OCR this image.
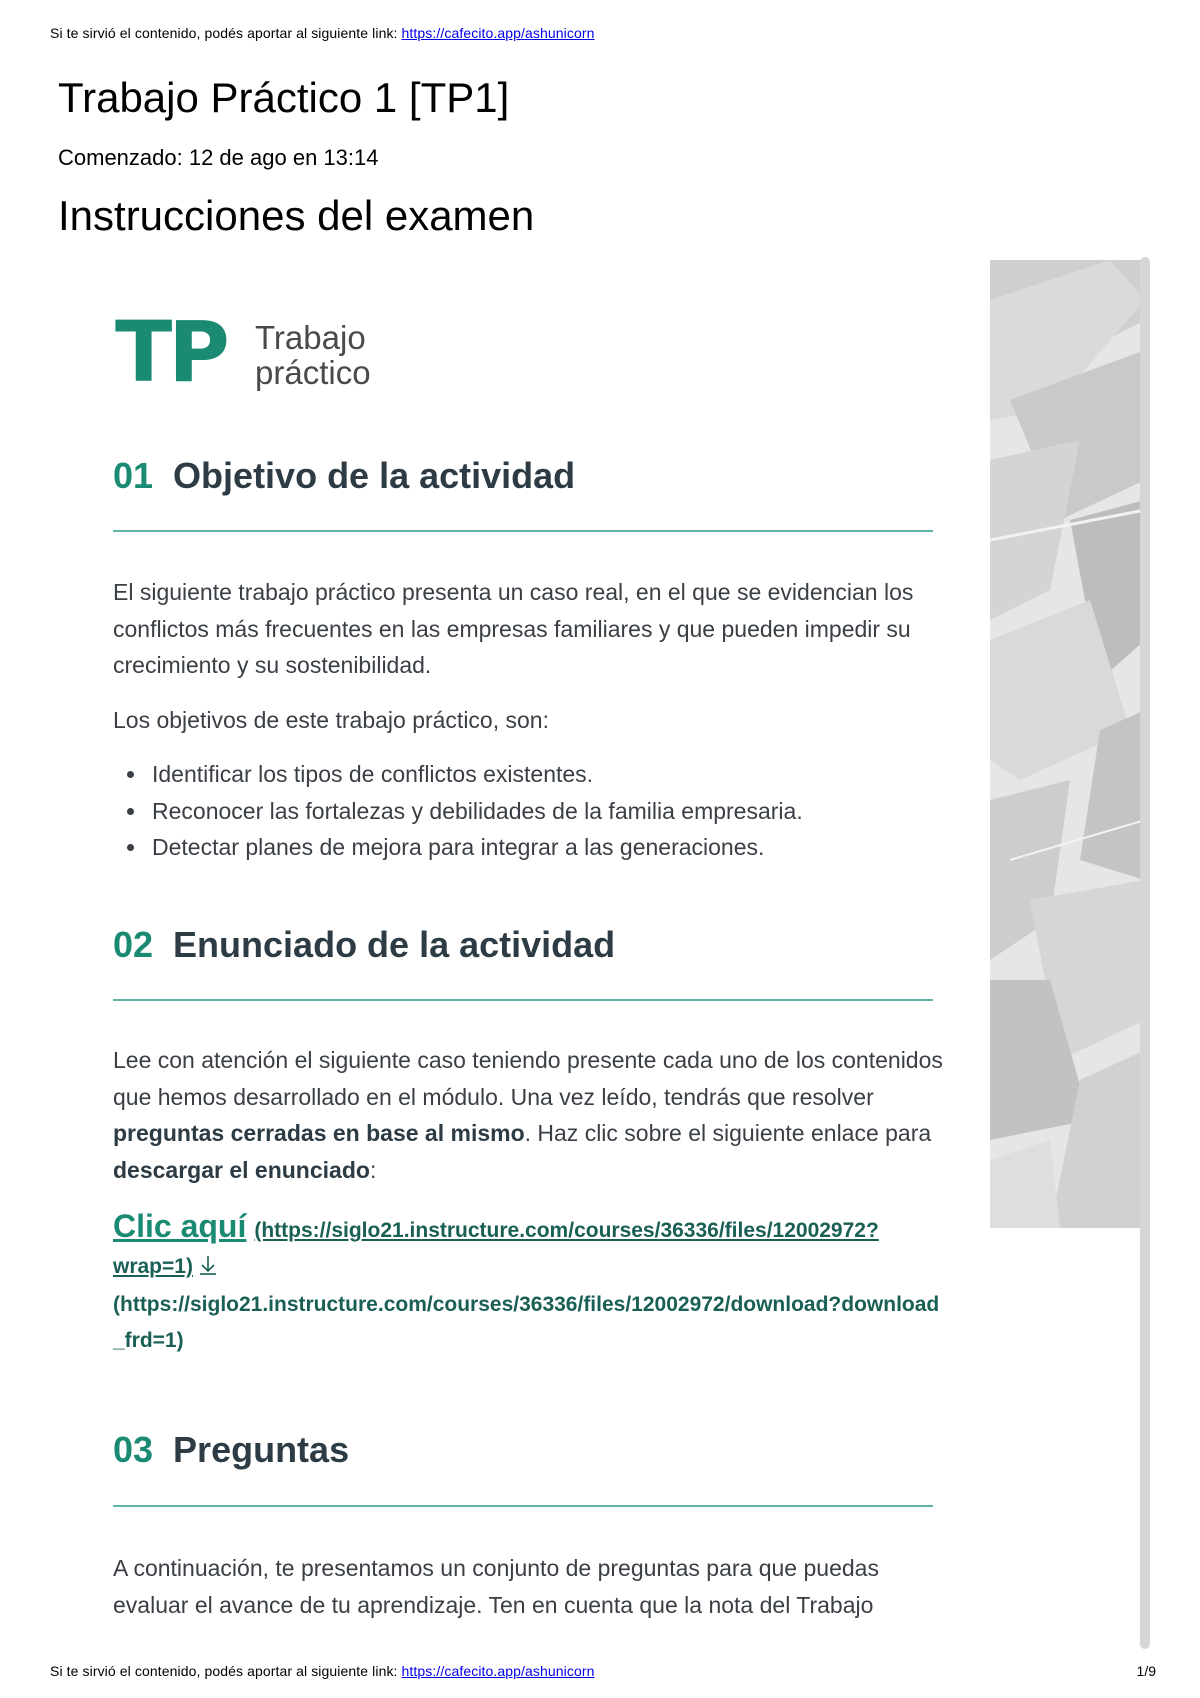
Si te sirvió el contenido, podés aportar al siguiente link: https://cafecito.app/ashunicorn
Trabajo Práctico 1 [TP1]
Comenzado: 12 de ago en 13:14
Instrucciones del examen
TP Trabajo
práctico
01 Objetivo de la actividad

El siguiente trabajo práctico presenta un caso real, en el que se evidencian los conflictos más frecuentes en las empresas familiares y que pueden impedir su crecimiento y su sostenibilidad.

Los objetivos de este trabajo práctico, son:

Identificar los tipos de conflictos existentes.
Reconocer las fortalezas y debilidades de la familia empresaria.
Detectar planes de mejora para integrar a las generaciones.
02 Enunciado de la actividad

Lee con atención el siguiente caso teniendo presente cada uno de los contenidos que hemos desarrollado en el módulo. Una vez leído, tendrás que resolver preguntas cerradas en base al mismo. Haz clic sobre el siguiente enlace para descargar el enunciado:

Clic aquí (https://siglo21.instructure.com/courses/36336/files/12002972?wrap=1)
(https://siglo21.instructure.com/courses/36336/files/12002972/download?download_frd=1)
03 Preguntas

A continuación, te presentamos un conjunto de preguntas para que puedas evaluar el avance de tu aprendizaje. Ten en cuenta que la nota del Trabajo

Si te sirvió el contenido, podés aportar al siguiente link: https://cafecito.app/ashunicorn	1/9
